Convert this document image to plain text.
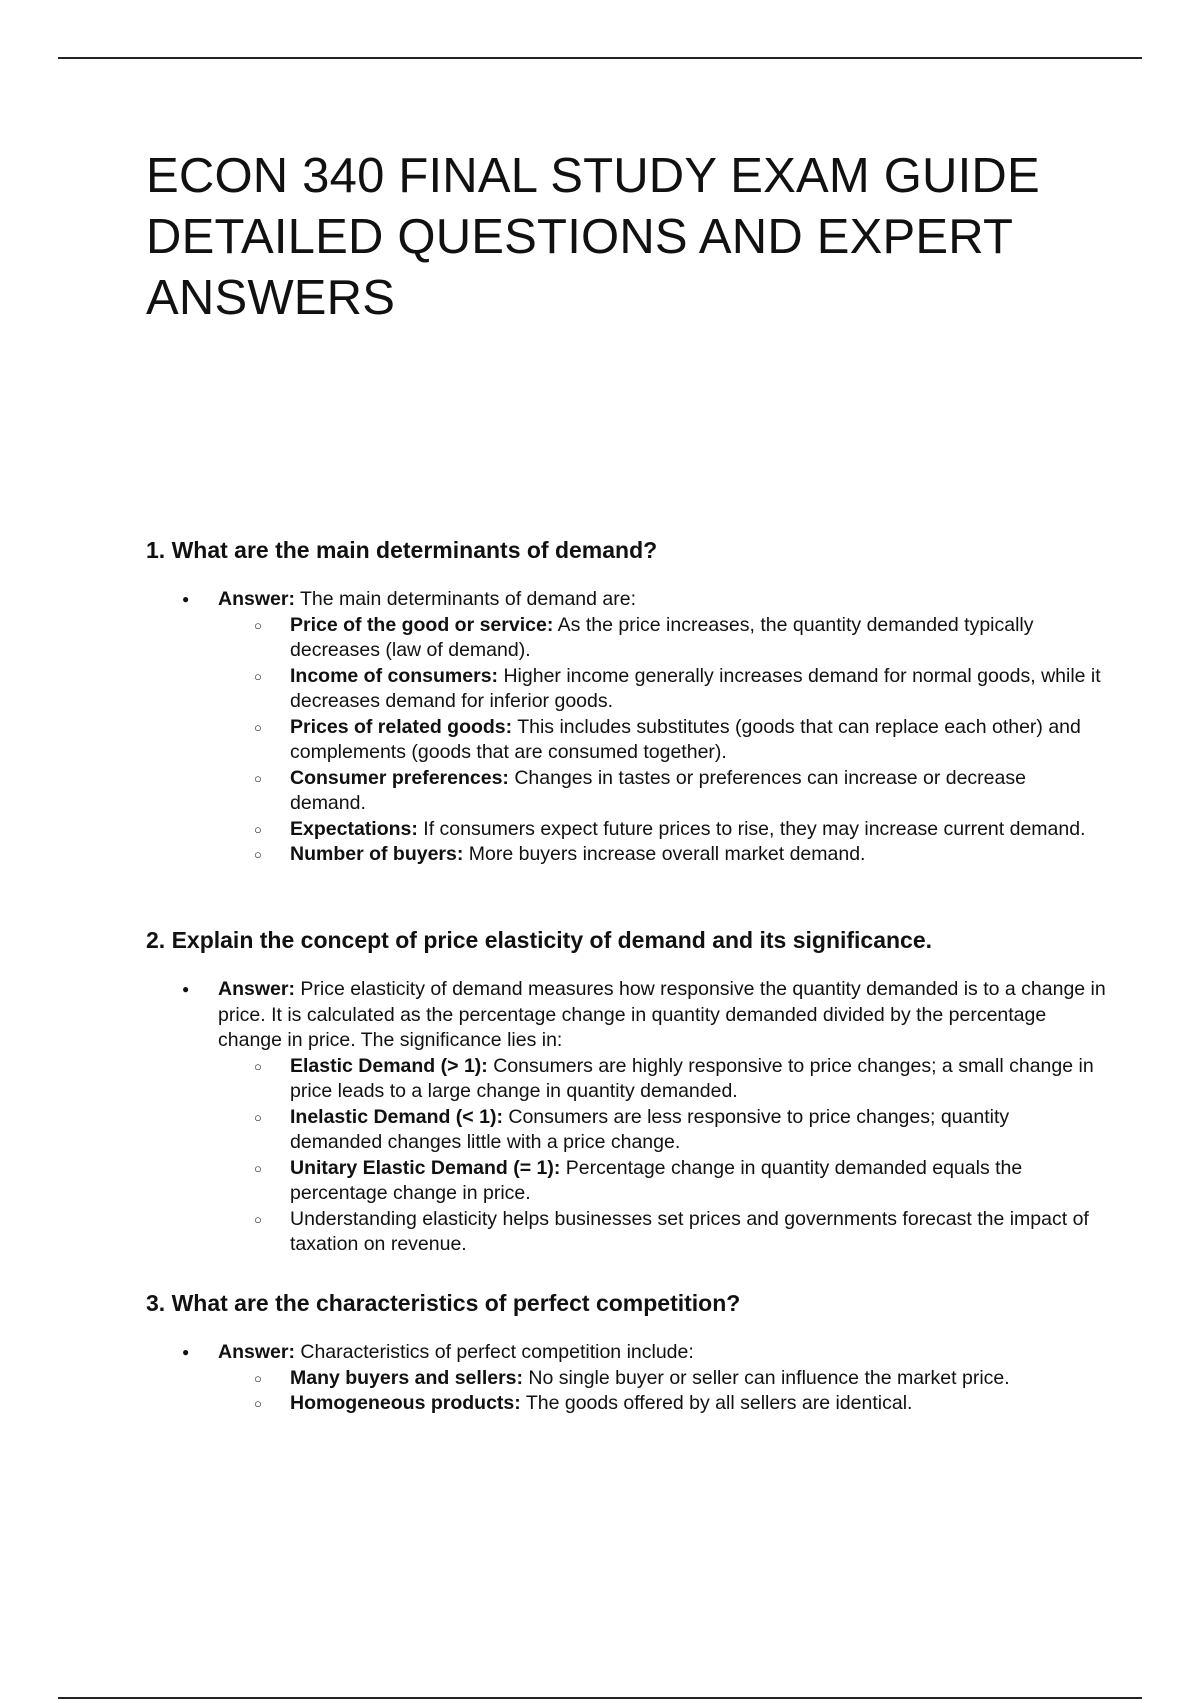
ECON 340 FINAL STUDY EXAM GUIDE DETAILED QUESTIONS AND EXPERT ANSWERS
1. What are the main determinants of demand?
● Answer: The main determinants of demand are:
○ Price of the good or service: As the price increases, the quantity demanded typically decreases (law of demand).
○ Income of consumers: Higher income generally increases demand for normal goods, while it decreases demand for inferior goods.
○ Prices of related goods: This includes substitutes (goods that can replace each other) and complements (goods that are consumed together).
○ Consumer preferences: Changes in tastes or preferences can increase or decrease demand.
○ Expectations: If consumers expect future prices to rise, they may increase current demand.
○ Number of buyers: More buyers increase overall market demand.
2. Explain the concept of price elasticity of demand and its significance.
● Answer: Price elasticity of demand measures how responsive the quantity demanded is to a change in price. It is calculated as the percentage change in quantity demanded divided by the percentage change in price. The significance lies in:
○ Elastic Demand (> 1): Consumers are highly responsive to price changes; a small change in price leads to a large change in quantity demanded.
○ Inelastic Demand (< 1): Consumers are less responsive to price changes; quantity demanded changes little with a price change.
○ Unitary Elastic Demand (= 1): Percentage change in quantity demanded equals the percentage change in price.
○ Understanding elasticity helps businesses set prices and governments forecast the impact of taxation on revenue.
3. What are the characteristics of perfect competition?
● Answer: Characteristics of perfect competition include:
○ Many buyers and sellers: No single buyer or seller can influence the market price.
○ Homogeneous products: The goods offered by all sellers are identical.
